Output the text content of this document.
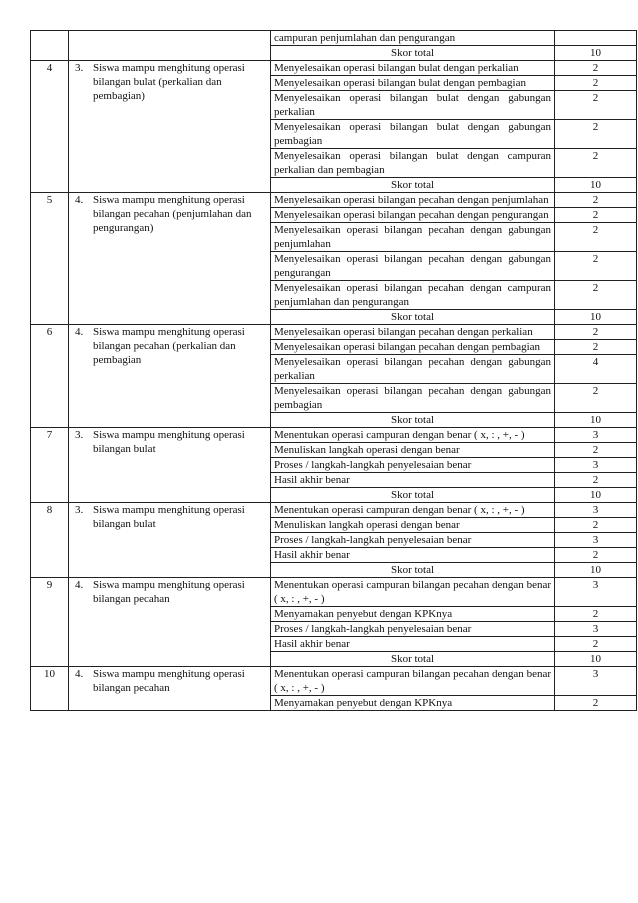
		campuran penjumlahan dan pengurangan	
		Skor total	10
4	3. Siswa mampu menghitung operasi bilangan bulat (perkalian dan pembagian)	Menyelesaikan operasi bilangan bulat dengan perkalian	2
		Menyelesaikan operasi bilangan bulat dengan pembagian	2
		Menyelesaikan operasi bilangan bulat dengan gabungan perkalian	2
		Menyelesaikan operasi bilangan bulat dengan gabungan pembagian	2
		Menyelesaikan operasi bilangan bulat dengan campuran perkalian dan pembagian	2
		Skor total	10
5	4. Siswa mampu menghitung operasi bilangan pecahan (penjumlahan dan pengurangan)	Menyelesaikan operasi bilangan pecahan dengan penjumlahan	2
		Menyelesaikan operasi bilangan pecahan dengan pengurangan	2
		Menyelesaikan operasi bilangan pecahan dengan gabungan penjumlahan	2
		Menyelesaikan operasi bilangan pecahan dengan gabungan pengurangan	2
		Menyelesaikan operasi bilangan pecahan dengan campuran penjumlahan dan pengurangan	2
		Skor total	10
6	4. Siswa mampu menghitung operasi bilangan pecahan (perkalian dan pembagian	Menyelesaikan operasi bilangan pecahan dengan perkalian	2
		Menyelesaikan operasi bilangan pecahan dengan pembagian	2
		Menyelesaikan operasi bilangan pecahan dengan gabungan perkalian	4
		Menyelesaikan operasi bilangan pecahan dengan gabungan pembagian	2
		Skor total	10
7	3. Siswa mampu menghitung operasi bilangan bulat	Menentukan operasi campuran dengan benar ( x, : , +, - )	3
		Menuliskan langkah operasi dengan benar	2
		Proses / langkah-langkah penyelesaian benar	3
		Hasil akhir benar	2
		Skor total	10
8	3. Siswa mampu menghitung operasi bilangan bulat	Menentukan operasi campuran dengan benar ( x, : , +, - )	3
		Menuliskan langkah operasi dengan benar	2
		Proses / langkah-langkah penyelesaian benar	3
		Hasil akhir benar	2
		Skor total	10
9	4. Siswa mampu menghitung operasi bilangan pecahan	Menentukan operasi campuran bilangan pecahan dengan benar ( x, : , +, - )	3
		Menyamakan penyebut dengan KPKnya	2
		Proses / langkah-langkah penyelesaian benar	3
		Hasil akhir benar	2
		Skor total	10
10	4. Siswa mampu menghitung operasi bilangan pecahan	Menentukan operasi campuran bilangan pecahan dengan benar ( x, : , +, - )	3
		Menyamakan penyebut dengan KPKnya	2
